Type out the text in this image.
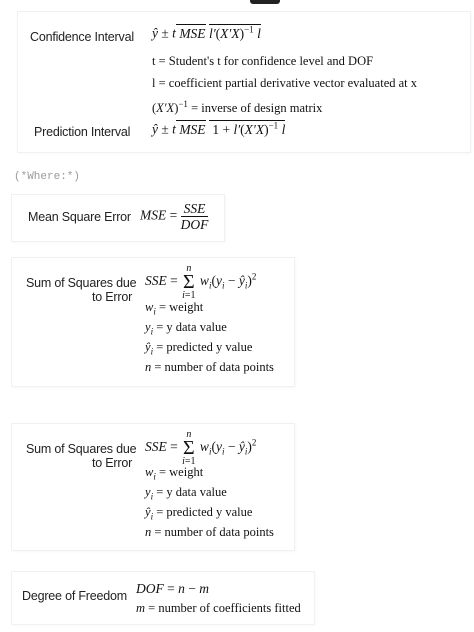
Confidence Interval ŷ ± t MSE $l'(X'X)^{-1}$ l
t = Student's t for confidence level and DOF
l = coefficient partial derivative vector evaluated at x
$(X'X)^{-1}$ = inverse of design matrix
Prediction Interval ŷ ± t MSE  $1 + l'(X'X)^{-1}$ l
(*Where:*)
Mean Square Error MSE = $\frac{\text{SSE}}{\text{DOF}}$
Sum of Squares due
to Error
SSE = n
Σ
i=1 $w_i(y_i$ − $ŷ_i)^2$
$w_i$ = weight
$y_i = y$ data value
$ŷ_i$ = predicted y value
n = number of data points
Sum of Squares due
to Error
SSE = n
Σ
i=1 $w_i(y_i$ − $ŷ_i)^2$
$w_i$ = weight
$y_i = y$ data value
$ŷ_i$ = predicted y value
n = number of data points
Degree of Freedom DOF = n − m
m = number of coefficients fitted
